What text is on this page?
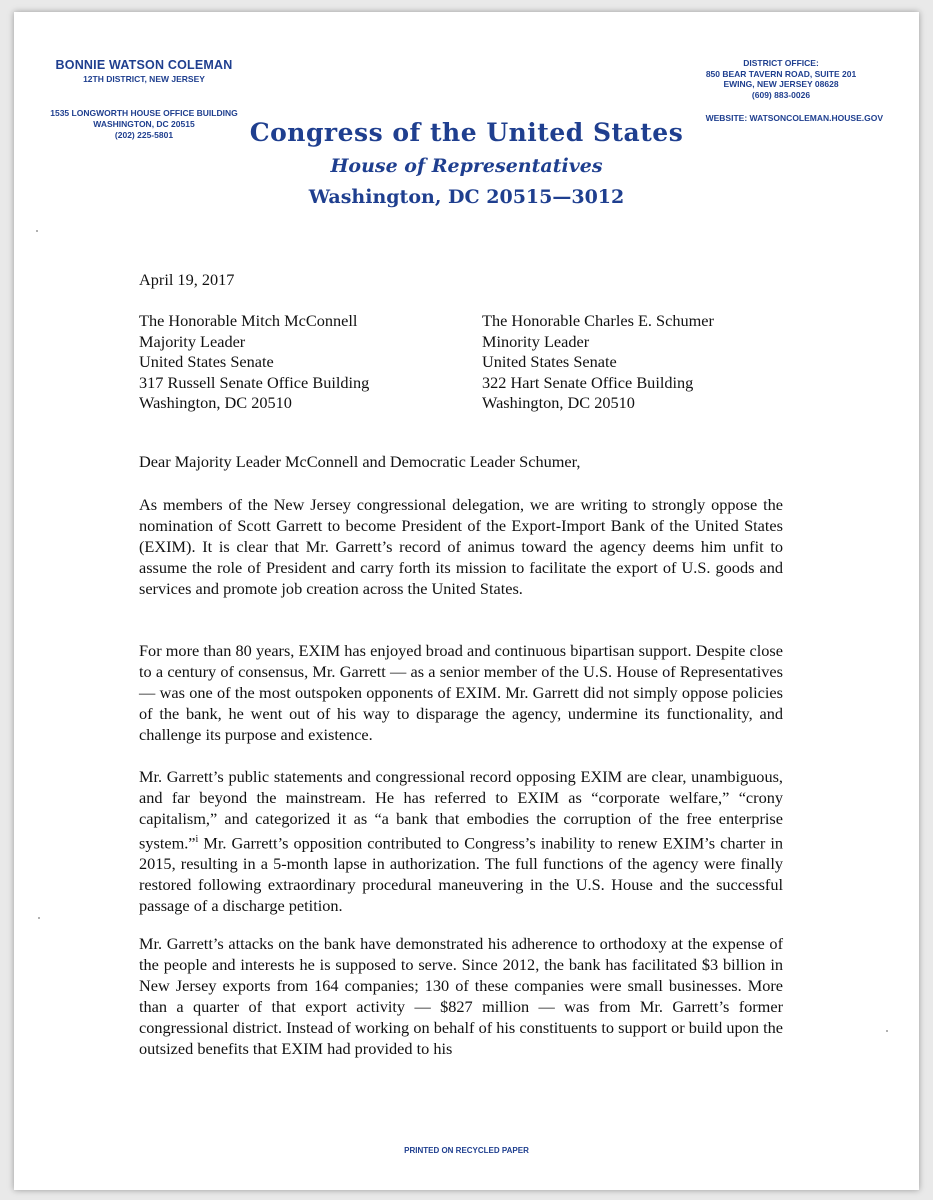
BONNIE WATSON COLEMAN
12TH DISTRICT, NEW JERSEY
1535 LONGWORTH HOUSE OFFICE BUILDING
WASHINGTON, DC 20515
(202) 225-5801
DISTRICT OFFICE:
850 BEAR TAVERN ROAD, SUITE 201
EWING, NEW JERSEY 08628
(609) 883-0026
WEBSITE: WATSONCOLEMAN.HOUSE.GOV
Congress of the United States
House of Representatives
Washington, DC 20515—3012
April 19, 2017
The Honorable Mitch McConnell
Majority Leader
United States Senate
317 Russell Senate Office Building
Washington, DC 20510
The Honorable Charles E. Schumer
Minority Leader
United States Senate
322 Hart Senate Office Building
Washington, DC 20510
Dear Majority Leader McConnell and Democratic Leader Schumer,

As members of the New Jersey congressional delegation, we are writing to strongly oppose the nomination of Scott Garrett to become President of the Export-Import Bank of the United States (EXIM). It is clear that Mr. Garrett’s record of animus toward the agency deems him unfit to assume the role of President and carry forth its mission to facilitate the export of U.S. goods and services and promote job creation across the United States.

For more than 80 years, EXIM has enjoyed broad and continuous bipartisan support. Despite close to a century of consensus, Mr. Garrett — as a senior member of the U.S. House of Representatives — was one of the most outspoken opponents of EXIM. Mr. Garrett did not simply oppose policies of the bank, he went out of his way to disparage the agency, undermine its functionality, and challenge its purpose and existence.

Mr. Garrett’s public statements and congressional record opposing EXIM are clear, unambiguous, and far beyond the mainstream. He has referred to EXIM as “corporate welfare,” “crony capitalism,” and categorized it as “a bank that embodies the corruption of the free enterprise system.”$^i$ Mr. Garrett’s opposition contributed to Congress’s inability to renew EXIM’s charter in 2015, resulting in a 5-month lapse in authorization. The full functions of the agency were finally restored following extraordinary procedural maneuvering in the U.S. House and the successful passage of a discharge petition.

Mr. Garrett’s attacks on the bank have demonstrated his adherence to orthodoxy at the expense of the people and interests he is supposed to serve. Since 2012, the bank has facilitated $3 billion in New Jersey exports from 164 companies; 130 of these companies were small businesses. More than a quarter of that export activity — $827 million — was from Mr. Garrett’s former congressional district. Instead of working on behalf of his constituents to support or build upon the outsized benefits that EXIM had provided to his

PRINTED ON RECYCLED PAPER
